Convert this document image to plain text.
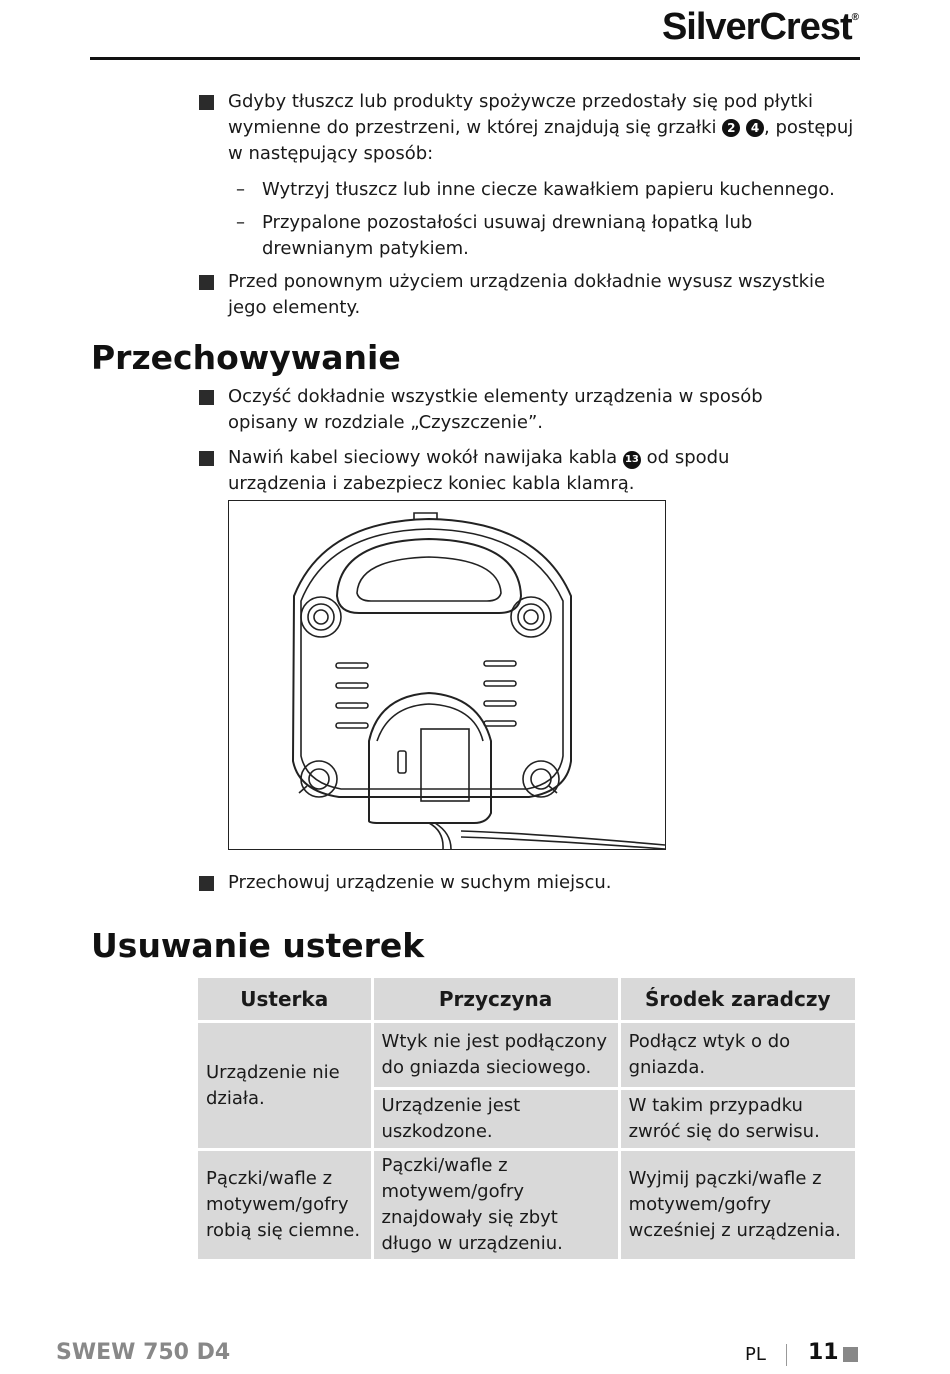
SilverCrest®
Gdyby tłuszcz lub produkty spożywcze przedostały się pod płytki wymienne do przestrzeni, w której znajdują się grzałki 2 4 , postępuj w następujący sposób:
– Wytrzyj tłuszcz lub inne ciecze kawałkiem papieru kuchennego.
– Przypalone pozostałości usuwaj drewnianą łopatką lub drewnianym patykiem.
Przed ponownym użyciem urządzenia dokładnie wysusz wszystkie jego elementy.
Przechowywanie
Oczyść dokładnie wszystkie elementy urządzenia w sposób opisany w rozdziale „Czyszczenie”.
Nawiń kabel sieciowy wokół nawijaka kabla 13 od spodu urządzenia i zabezpiecz koniec kabla klamrą.
Przechowuj urządzenie w suchym miejscu.
Usuwanie usterek
Usterka	Przyczyna	Środek zaradczy
Urządzenie nie działa.	Wtyk nie jest podłączony do gniazda sieciowego.	Podłącz wtyk o do gniazda.
	Urządzenie jest uszkodzone.	W takim przypadku zwróć się do serwisu.
Pączki/wafle z motywem/gofry robią się ciemne.	Pączki/wafle z motywem/gofry znajdowały się zbyt długo w urządzeniu.	Wyjmij pączki/wafle z motywem/gofry wcześniej z urządzenia.
SWEW 750 D4	PL 11
